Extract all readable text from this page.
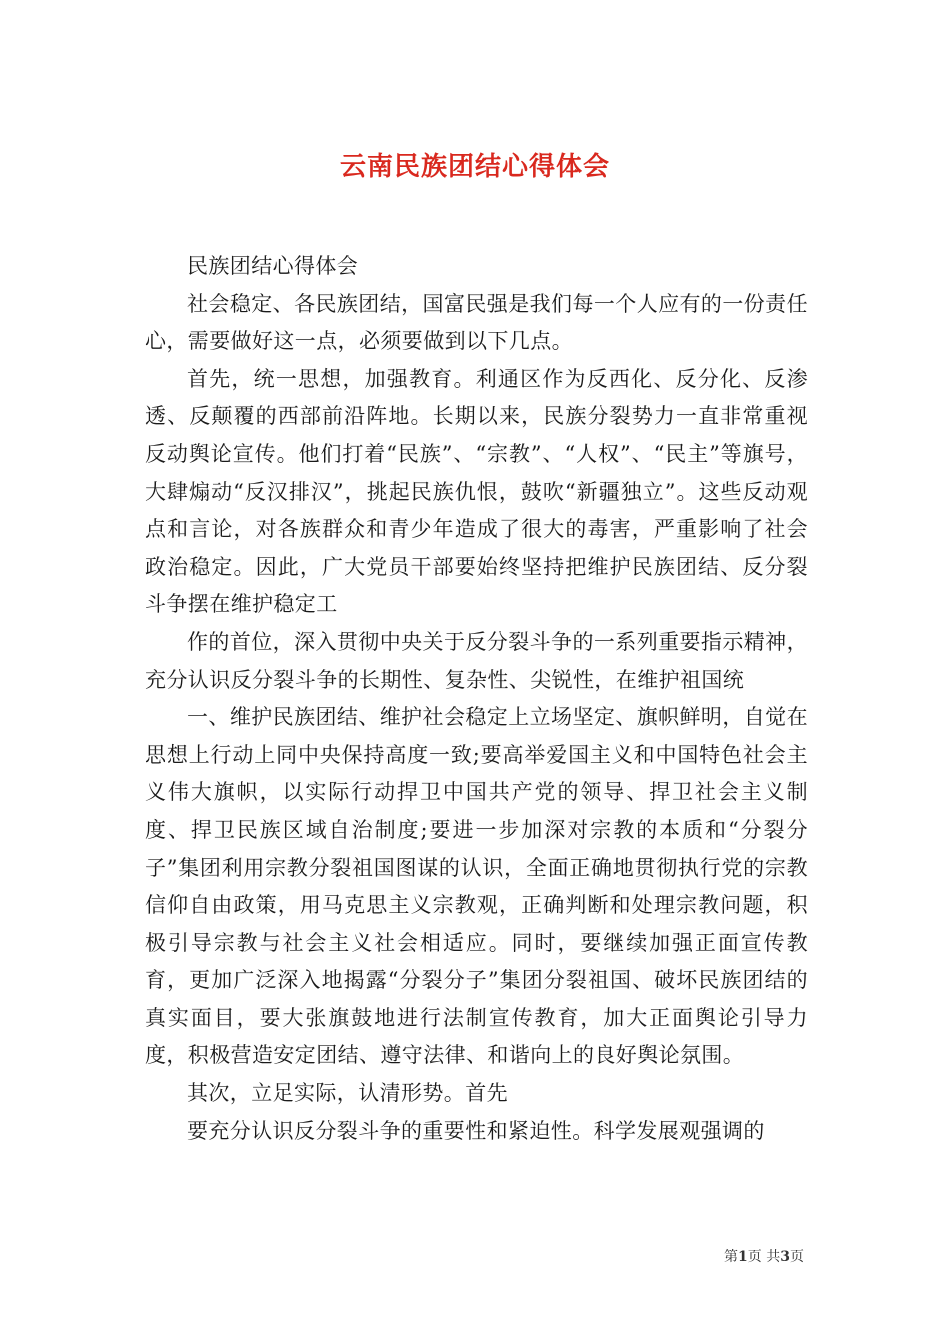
云南民族团结心得体会

民族团结心得体会

社会稳定、各民族团结，国富民强是我们每一个人应有的一份责任心，需要做好这一点，必须要做到以下几点。

首先，统一思想，加强教育。利通区作为反西化、反分化、反渗透、反颠覆的西部前沿阵地。长期以来，民族分裂势力一直非常重视反动舆论宣传。他们打着“民族”、“宗教”、“人权”、“民主”等旗号，大肆煽动“反汉排汉”，挑起民族仇恨，鼓吹“新疆独立”。这些反动观点和言论，对各族群众和青少年造成了很大的毒害，严重影响了社会政治稳定。因此，广大党员干部要始终坚持把维护民族团结、反分裂斗争摆在维护稳定工

作的首位，深入贯彻中央关于反分裂斗争的一系列重要指示精神，充分认识反分裂斗争的长期性、复杂性、尖锐性，在维护祖国统

一、维护民族团结、维护社会稳定上立场坚定、旗帜鲜明，自觉在思想上行动上同中央保持高度一致;要高举爱国主义和中国特色社会主义伟大旗帜，以实际行动捍卫中国共产党的领导、捍卫社会主义制度、捍卫民族区域自治制度;要进一步加深对宗教的本质和“分裂分子”集团利用宗教分裂祖国图谋的认识，全面正确地贯彻执行党的宗教信仰自由政策，用马克思主义宗教观，正确判断和处理宗教问题，积极引导宗教与社会主义社会相适应。同时，要继续加强正面宣传教育，更加广泛深入地揭露“分裂分子”集团分裂祖国、破坏民族团结的真实面目，要大张旗鼓地进行法制宣传教育，加大正面舆论引导力度，积极营造安定团结、遵守法律、和谐向上的良好舆论氛围。

其次，立足实际，认清形势。首先

要充分认识反分裂斗争的重要性和紧迫性。科学发展观强调的

第1页 共3页
